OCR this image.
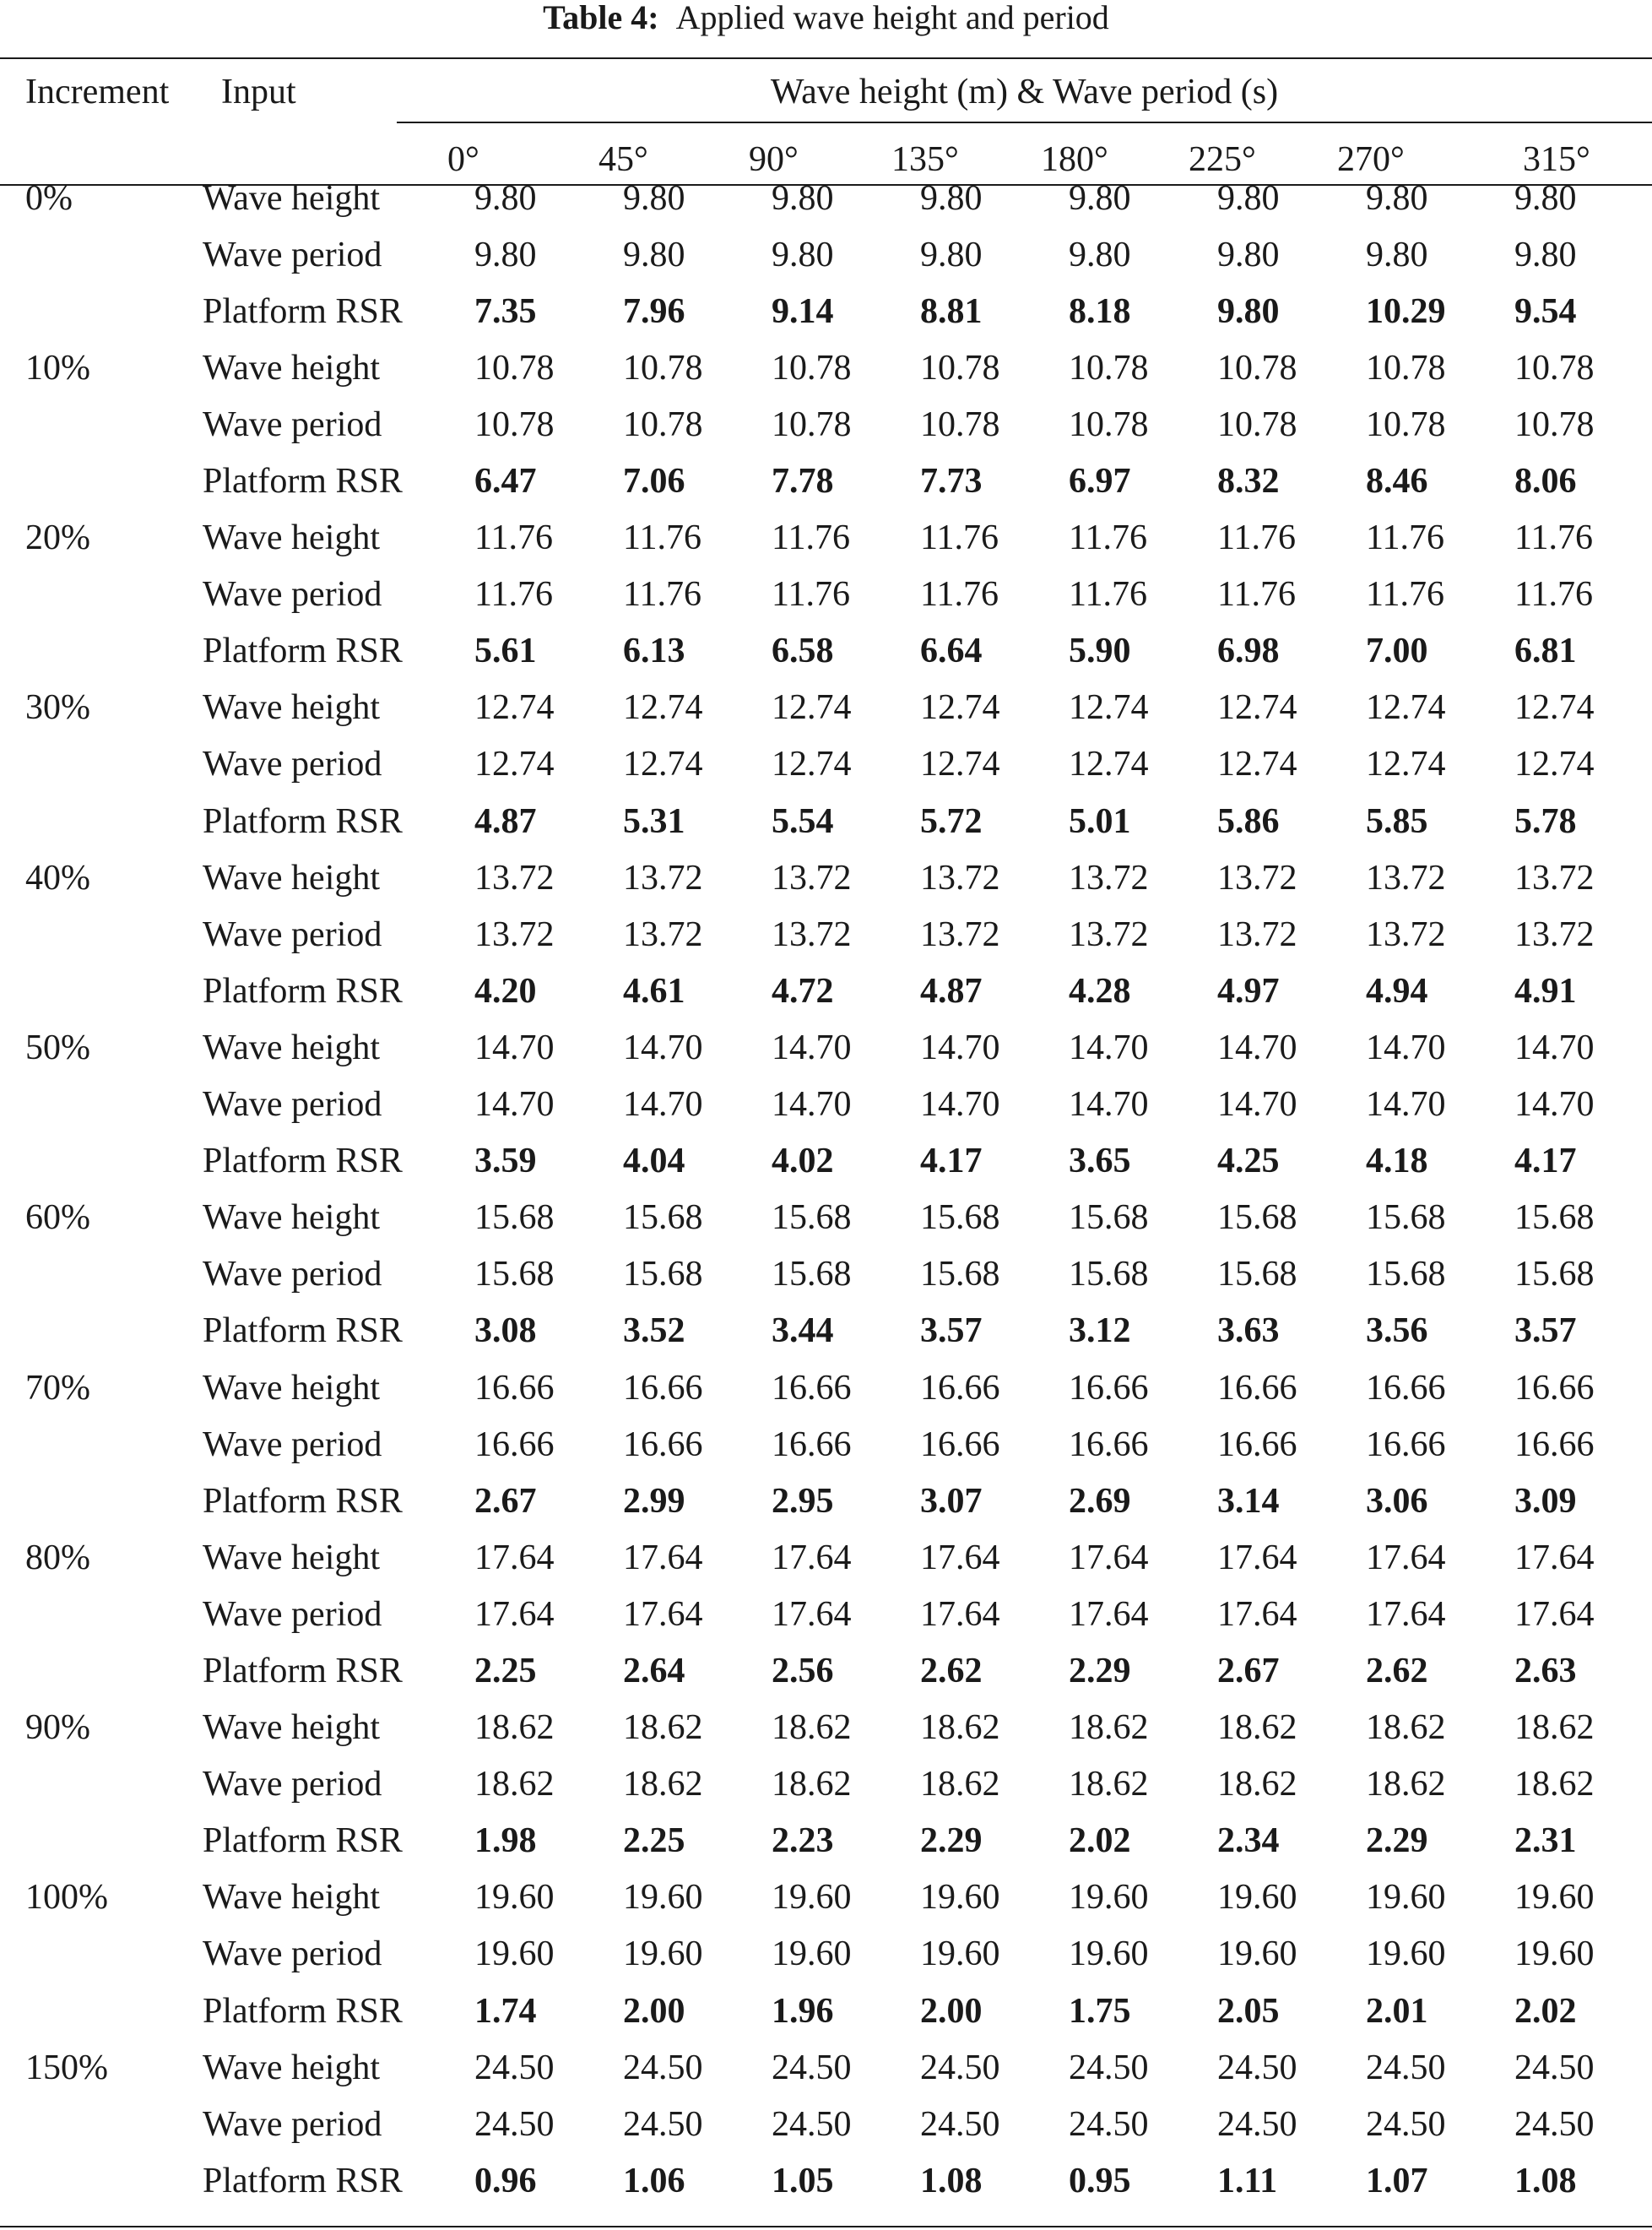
Table 4: Applied wave height and period
Increment Input	Wave height (m) & Wave period (s)
0°	45°	90°	135° 180° 225° 270°	315°
0%	Wave height	9.80	9.80	9.80	9.80	9.80	9.80	9.80	9.80
	Wave period	9.80	9.80	9.80	9.80	9.80	9.80	9.80	9.80
	Platform RSR	7.35	7.96	9.14	8.81	8.18	9.80	10.29	9.54
10%	Wave height	10.78	10.78	10.78	10.78	10.78	10.78	10.78	10.78
	Wave period	10.78	10.78	10.78	10.78	10.78	10.78	10.78	10.78
	Platform RSR	6.47	7.06	7.78	7.73	6.97	8.32	8.46	8.06
20%	Wave height	11.76	11.76	11.76	11.76	11.76	11.76	11.76	11.76
	Wave period	11.76	11.76	11.76	11.76	11.76	11.76	11.76	11.76
	Platform RSR	5.61	6.13	6.58	6.64	5.90	6.98	7.00	6.81
30%	Wave height	12.74	12.74	12.74	12.74	12.74	12.74	12.74	12.74
	Wave period	12.74	12.74	12.74	12.74	12.74	12.74	12.74	12.74
	Platform RSR	4.87	5.31	5.54	5.72	5.01	5.86	5.85	5.78
40%	Wave height	13.72	13.72	13.72	13.72	13.72	13.72	13.72	13.72
	Wave period	13.72	13.72	13.72	13.72	13.72	13.72	13.72	13.72
	Platform RSR	4.20	4.61	4.72	4.87	4.28	4.97	4.94	4.91
50%	Wave height	14.70	14.70	14.70	14.70	14.70	14.70	14.70	14.70
	Wave period	14.70	14.70	14.70	14.70	14.70	14.70	14.70	14.70
	Platform RSR	3.59	4.04	4.02	4.17	3.65	4.25	4.18	4.17
60%	Wave height	15.68	15.68	15.68	15.68	15.68	15.68	15.68	15.68
	Wave period	15.68	15.68	15.68	15.68	15.68	15.68	15.68	15.68
	Platform RSR	3.08	3.52	3.44	3.57	3.12	3.63	3.56	3.57
70%	Wave height	16.66	16.66	16.66	16.66	16.66	16.66	16.66	16.66
	Wave period	16.66	16.66	16.66	16.66	16.66	16.66	16.66	16.66
	Platform RSR	2.67	2.99	2.95	3.07	2.69	3.14	3.06	3.09
80%	Wave height	17.64	17.64	17.64	17.64	17.64	17.64	17.64	17.64
	Wave period	17.64	17.64	17.64	17.64	17.64	17.64	17.64	17.64
	Platform RSR	2.25	2.64	2.56	2.62	2.29	2.67	2.62	2.63
90%	Wave height	18.62	18.62	18.62	18.62	18.62	18.62	18.62	18.62
	Wave period	18.62	18.62	18.62	18.62	18.62	18.62	18.62	18.62
	Platform RSR	1.98	2.25	2.23	2.29	2.02	2.34	2.29	2.31
100%	Wave height	19.60	19.60	19.60	19.60	19.60	19.60	19.60	19.60
	Wave period	19.60	19.60	19.60	19.60	19.60	19.60	19.60	19.60
	Platform RSR	1.74	2.00	1.96	2.00	1.75	2.05	2.01	2.02
150%	Wave height	24.50	24.50	24.50	24.50	24.50	24.50	24.50	24.50
	Wave period	24.50	24.50	24.50	24.50	24.50	24.50	24.50	24.50
	Platform RSR	0.96	1.06	1.05	1.08	0.95	1.11	1.07	1.08
